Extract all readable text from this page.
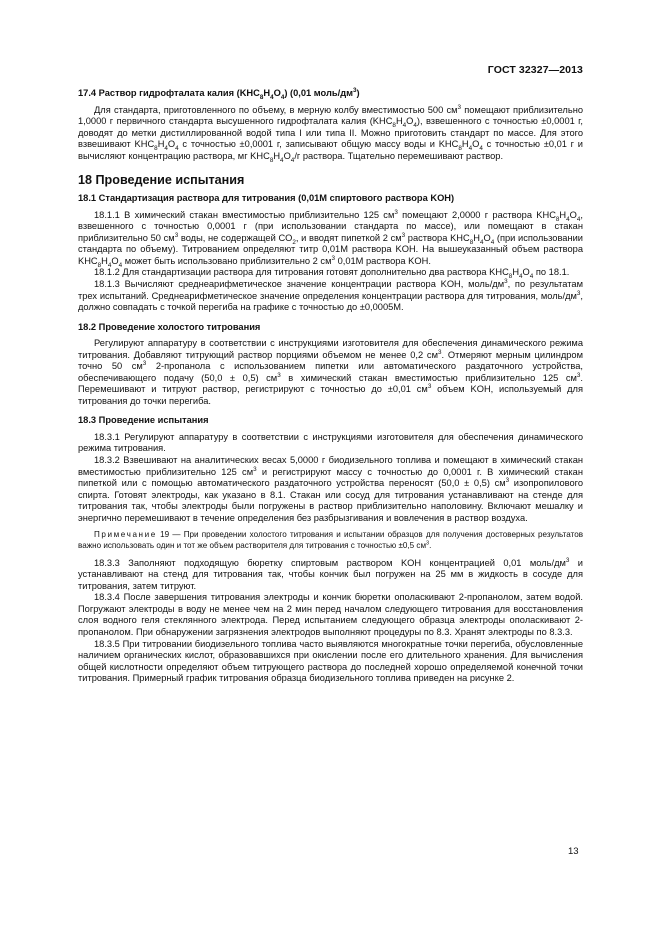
ГОСТ 32327—2013
17.4 Раствор гидрофталата калия $(KHC_8H_4O_4)$ (0,01 моль/$дм^3$)

Для стандарта, приготовленного по объему, в мерную колбу вместимостью 500 $см^3$ помещают приблизительно 1,0000 г первичного стандарта высушенного гидрофталата калия $(KHC_8H_4O_4)$, взвешенного с точностью ±0,0001 г, доводят до метки дистиллированной водой типа I или типа II. Можно приготовить стандарт по массе. Для этого взвешивают $KHC_8H_4O_4$ с точностью ±0,0001 г, записывают общую массу воды и $KHC_8H_4O_4$ с точностью ±0,01 г и вычисляют концентрацию раствора, мг $KHC_8H_4O_4/г$ раствора. Тщательно перемешивают раствор.

18 Проведение испытания
18.1 Стандартизация раствора для титрования (0,01М спиртового раствора KOH)

18.1.1 В химический стакан вместимостью приблизительно 125 $см^3$ помещают 2,0000 г раствора $KHC_8H_4O_4$, взвешенного с точностью 0,0001 г (при использовании стандарта по массе), или помещают в стакан приблизительно 50 $см^3$ воды, не содержащей $CO_2$, и вводят пипеткой 2 $см^3$ раствора $KHC_8H_4O_4$ (при использовании стандарта по объему). Титрованием определяют титр 0,01М раствора KOH. На вышеуказанный объем раствора $KHC_8H_4O_4$ может быть использовано приблизительно 2 $см^3$ 0,01М раствора KOH.

18.1.2 Для стандартизации раствора для титрования готовят дополнительно два раствора $KHC_8H_4O_4$ по 18.1.

18.1.3 Вычисляют среднеарифметическое значение концентрации раствора KOH, моль/$дм^3$, по результатам трех испытаний. Среднеарифметическое значение определения концентрации раствора для титрования, моль/$дм^3$, должно совпадать с точкой перегиба на графике с точностью до ±0,0005М.

18.2 Проведение холостого титрования

Регулируют аппаратуру в соответствии с инструкциями изготовителя для обеспечения динамического режима титрования. Добавляют титрующий раствор порциями объемом не менее 0,2 $см^3$. Отмеряют мерным цилиндром точно 50 $см^3$ 2-пропанола с использованием пипетки или автоматического раздаточного устройства, обеспечивающего подачу (50,0 ± 0,5) $см^3$ в химический стакан вместимостью приблизительно 125 $см^3$. Перемешивают и титруют раствор, регистрируют с точностью до ±0,01 $см^3$ объем KOH, используемый для титрования до точки перегиба.

18.3 Проведение испытания

18.3.1 Регулируют аппаратуру в соответствии с инструкциями изготовителя для обеспечения динамического режима титрования.

18.3.2 Взвешивают на аналитических весах 5,0000 г биодизельного топлива и помещают в химический стакан вместимостью приблизительно 125 $см^3$ и регистрируют массу с точностью до 0,0001 г. В химический стакан пипеткой или с помощью автоматического раздаточного устройства переносят (50,0 ± 0,5) $см^3$ изопропилового спирта. Готовят электроды, как указано в 8.1. Стакан или сосуд для титрования устанавливают на стенде для титрования так, чтобы электроды были погружены в раствор приблизительно наполовину. Включают мешалку и энергично перемешивают в течение определения без разбрызгивания и вовлечения в раствор воздуха.

Примечание 19 — При проведении холостого титрования и испытании образцов для получения достоверных результатов важно использовать один и тот же объем растворителя для титрования с точностью ±0,5 $см^3$.

18.3.3 Заполняют подходящую бюретку спиртовым раствором KOH концентрацией 0,01 моль/$дм^3$ и устанавливают на стенд для титрования так, чтобы кончик был погружен на 25 мм в жидкость в сосуде для титрования, затем титруют.

18.3.4 После завершения титрования электроды и кончик бюретки ополаскивают 2-пропанолом, затем водой. Погружают электроды в воду не менее чем на 2 мин перед началом следующего титрования для восстановления слоя водного геля стеклянного электрода. Перед испытанием следующего образца электроды ополаскивают 2-пропанолом. При обнаружении загрязнения электродов выполняют процедуры по 8.3. Хранят электроды по 8.3.3.

18.3.5 При титровании биодизельного топлива часто выявляются многократные точки перегиба, обусловленные наличием органических кислот, образовавшихся при окислении после его длительного хранения. Для вычисления общей кислотности определяют объем титрующего раствора до последней хорошо определяемой конечной точки титрования. Примерный график титрования образца биодизельного топлива приведен на рисунке 2.

13
